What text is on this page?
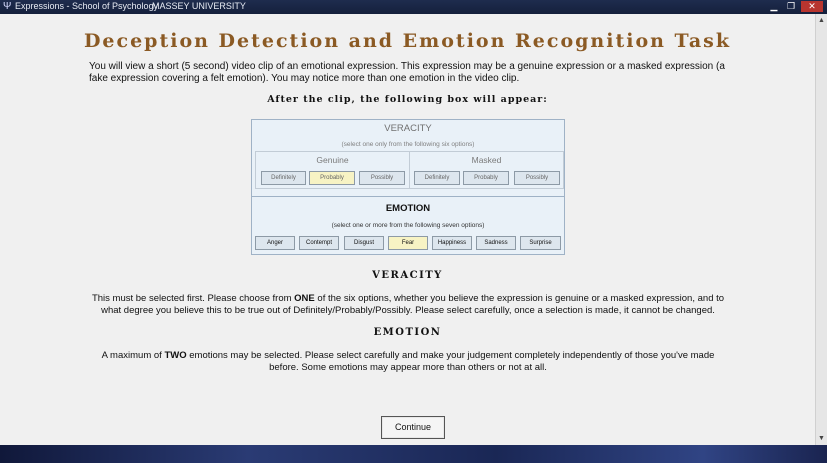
Ψ Expressions - School of Psychology
MASSEY UNIVERSITY	▁	❐	✕
Deception Detection and Emotion Recognition Task
You will view a short (5 second) video clip of an emotional expression. This expression may be a genuine expression or a masked expression (a fake expression covering a felt emotion). You may notice more than one emotion in the video clip.
After the clip, the following box will appear:
VERACITY
(select one only from the following six options)
Genuine
Definitely	Probably	Possibly
Masked
Definitely	Probably	Possibly
EMOTION
(select one or more from the following seven options)
Anger	Contempt	Disgust	Fear	Happiness	Sadness	Surprise
VERACITY
This must be selected first. Please choose from ONE of the six options, whether you believe the expression is genuine or a masked expression, and to what degree you believe this to be true out of Definitely/Probably/Possibly. Please select carefully, once a selection is made, it cannot be changed.
EMOTION
A maximum of TWO emotions may be selected. Please select carefully and make your judgement completely independently of those you've made before. Some emotions may appear more than others or not at all.
Continue
▲
▼
